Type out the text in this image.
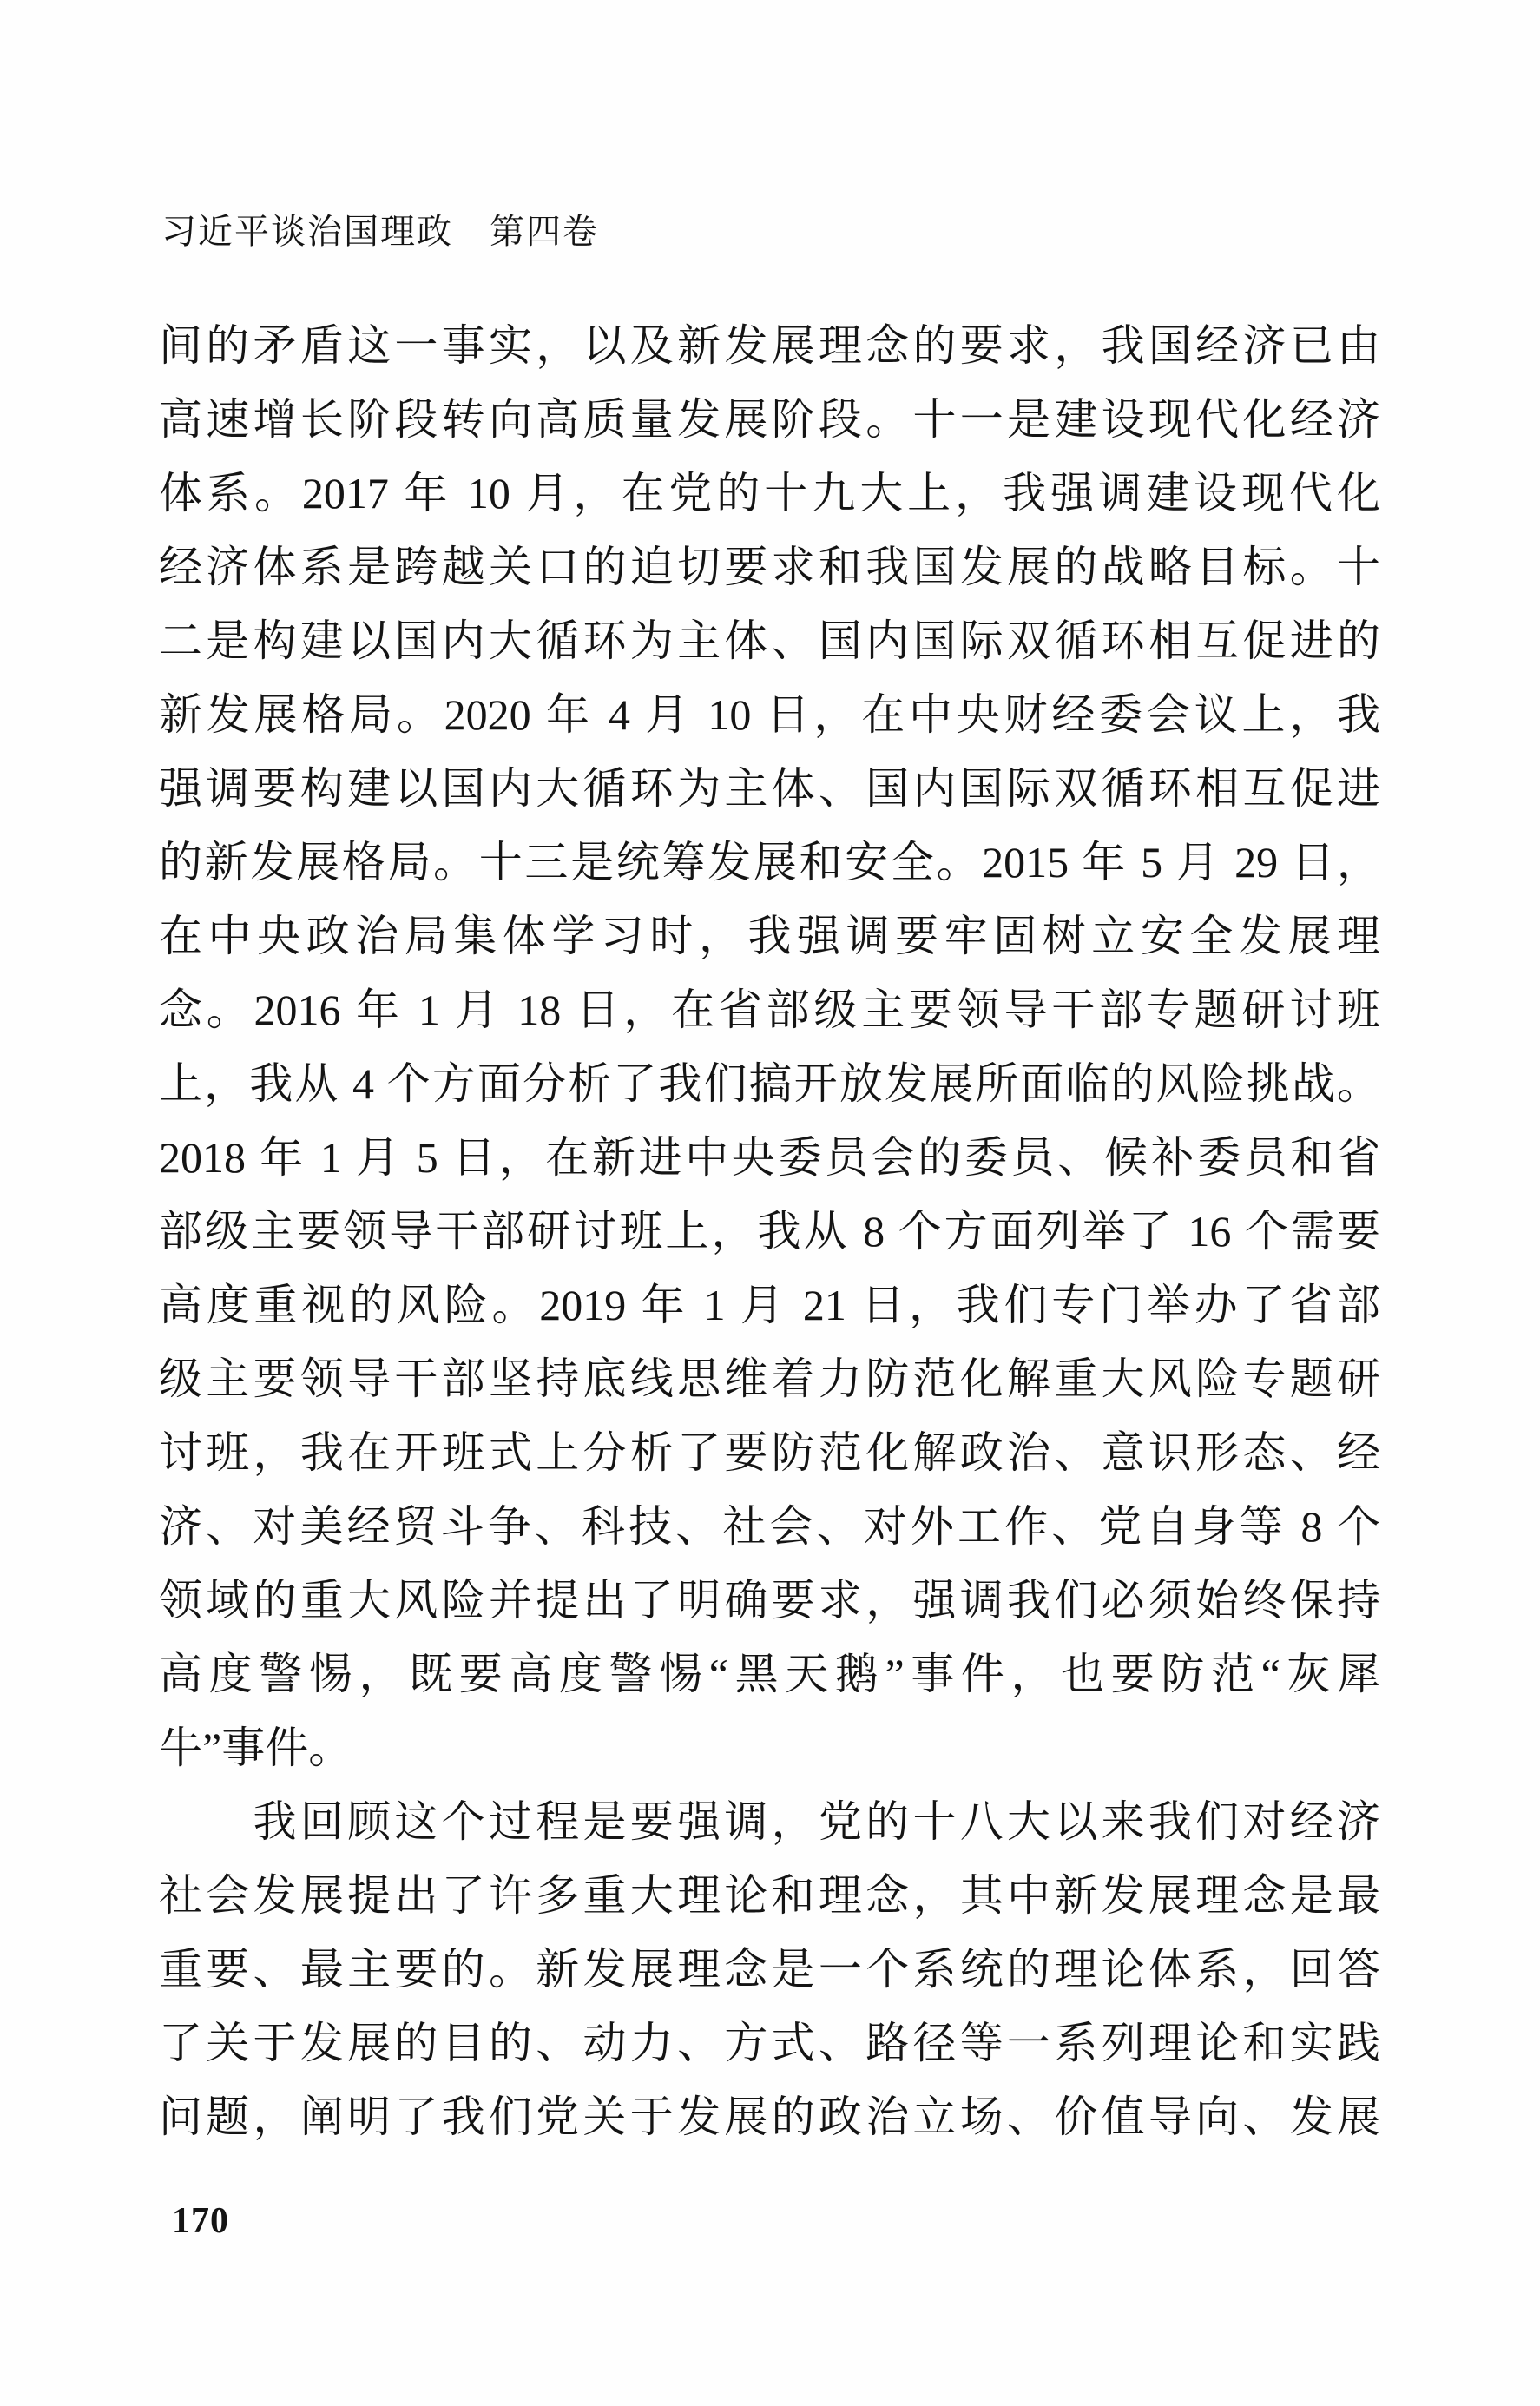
习近平谈治国理政　第四卷
间的矛盾这一事实，以及新发展理念的要求，我国经济已由
高速增长阶段转向高质量发展阶段。十一是建设现代化经济
体系。2017 年 10 月，在党的十九大上，我强调建设现代化
经济体系是跨越关口的迫切要求和我国发展的战略目标。十
二是构建以国内大循环为主体、国内国际双循环相互促进的
新发展格局。2020 年 4 月 10 日，在中央财经委会议上，我
强调要构建以国内大循环为主体、国内国际双循环相互促进
的新发展格局。十三是统筹发展和安全。2015 年 5 月 29 日，
在中央政治局集体学习时，我强调要牢固树立安全发展理
念。2016 年 1 月 18 日，在省部级主要领导干部专题研讨班
上，我从 4 个方面分析了我们搞开放发展所面临的风险挑战。
2018 年 1 月 5 日，在新进中央委员会的委员、候补委员和省
部级主要领导干部研讨班上，我从 8 个方面列举了 16 个需要
高度重视的风险。2019 年 1 月 21 日，我们专门举办了省部
级主要领导干部坚持底线思维着力防范化解重大风险专题研
讨班，我在开班式上分析了要防范化解政治、意识形态、经
济、对美经贸斗争、科技、社会、对外工作、党自身等 8 个
领域的重大风险并提出了明确要求，强调我们必须始终保持
高度警惕，既要高度警惕“黑天鹅”事件，也要防范“灰犀
牛”事件。
　　我回顾这个过程是要强调，党的十八大以来我们对经济
社会发展提出了许多重大理论和理念，其中新发展理念是最
重要、最主要的。新发展理念是一个系统的理论体系，回答
了关于发展的目的、动力、方式、路径等一系列理论和实践
问题，阐明了我们党关于发展的政治立场、价值导向、发展
170
